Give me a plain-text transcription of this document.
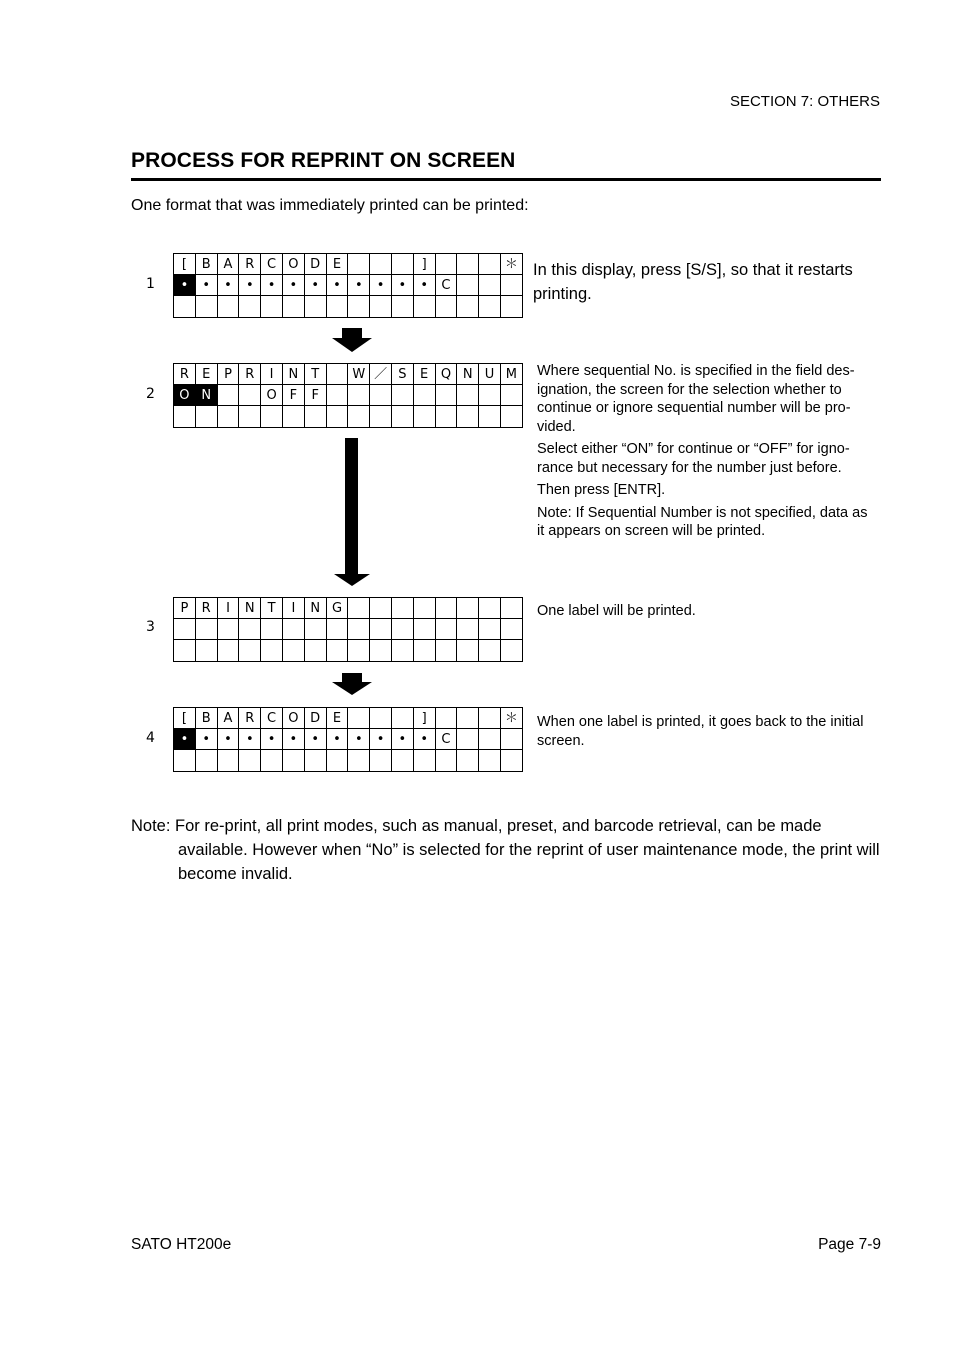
SECTION 7: OTHERS
PROCESS FOR REPRINT ON SCREEN
One format that was immediately printed can be printed:
1
[	B	A	R	C	O	D	E				]				＊
•	•	•	•	•	•	•	•	•	•	•	•	C			

In this display, press [S/S], so that it restarts printing.
2
R	E	P	R	I	N	T		W	／	S	E	Q	N	U	M
O	N			O	F	F									

Where sequential No. is specified in the field des-ignation, the screen for the selection whether to continue or ignore sequential number will be pro-vided.

Select either “ON” for continue or “OFF” for igno-rance but necessary for the number just before.

Then press [ENTR].

Note: If Sequential Number is not specified, data as it appears on screen will be printed.

3
P	R	I	N	T	I	N	G								

																One label will be printed.

4
[	B	A	R	C	O	D	E				]				＊
•	•	•	•	•	•	•	•	•	•	•	•	C			

When one label is printed, it goes back to the initial screen.

Note: For re-print, all print modes, such as manual, preset, and barcode retrieval, can be made
available. However when “No” is selected for the reprint of user maintenance mode, the print will become invalid.
SATO HT200e	Page 7-9
